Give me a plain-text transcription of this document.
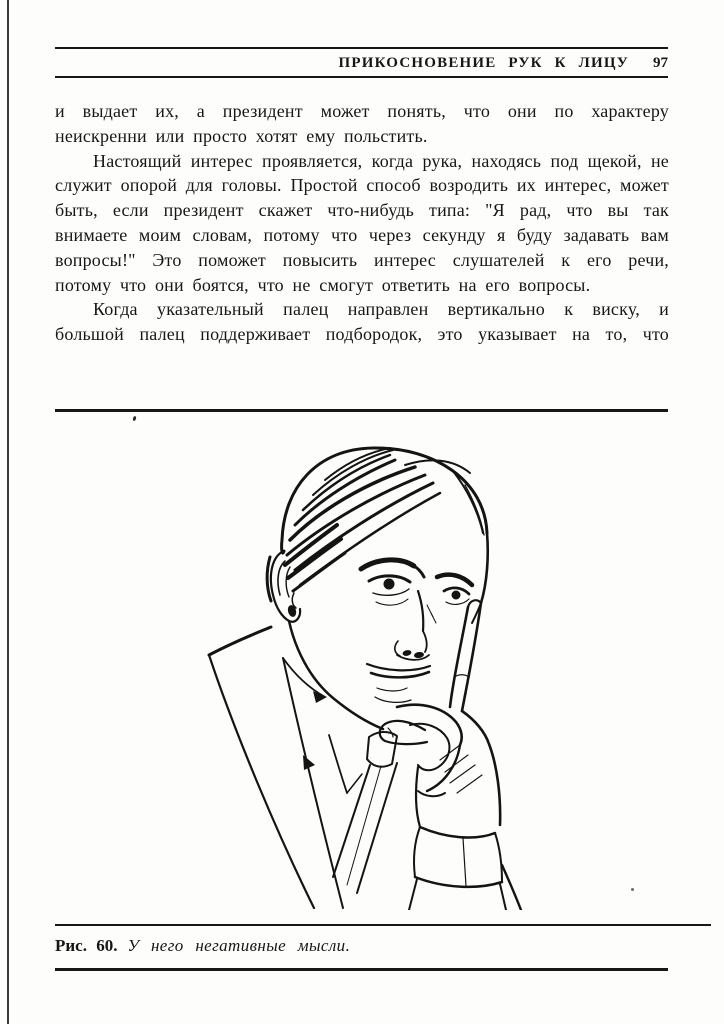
ПРИКОСНОВЕНИЕ РУК К ЛИЦУ 97

и выдает их, а президент может понять, что они по характеру неискренни или просто хотят ему польстить.

Настоящий интерес проявляется, когда рука, находясь под щекой, не служит опорой для головы. Простой способ возродить их интерес, может быть, если президент скажет что-нибудь типа: "Я рад, что вы так внимаете моим словам, потому что через секунду я буду задавать вам вопросы!" Это поможет повысить интерес слушателей к его речи, потому что они боятся, что не смогут ответить на его вопросы.

Когда указательный палец направлен вертикально к виску, и большой палец поддерживает подбородок, это указывает на то, что

Рис. 60. У него негативные мысли.
